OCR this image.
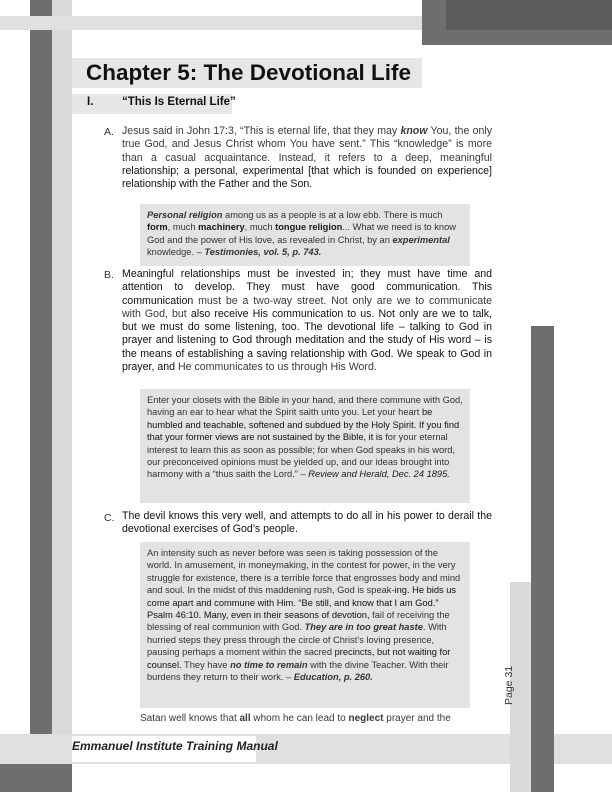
Chapter 5: The Devotional Life
I. “This Is Eternal Life”
A. Jesus said in John 17:3, “This is eternal life, that they may know You, the only true God, and Jesus Christ whom You have sent.” This “knowledge” is more than a casual acquaintance. Instead, it refers to a deep, meaningful relationship; a personal, experimental [that which is founded on experience] relationship with the Father and the Son.
Personal religion among us as a people is at a low ebb. There is much form, much machinery, much tongue religion... What we need is to know God and the power of His love, as revealed in Christ, by an experimental knowledge. – Testimonies, vol. 5, p. 743.
B. Meaningful relationships must be invested in; they must have time and attention to develop. They must have good communication. This communication must be a two-way street. Not only are we to communicate with God, but also receive His communication to us. Not only are we to talk, but we must do some listening, too. The devotional life – talking to God in prayer and listening to God through meditation and the study of His word – is the means of establishing a saving relationship with God. We speak to God in prayer, and He communicates to us through His Word.
Enter your closets with the Bible in your hand, and there commune with God, having an ear to hear what the Spirit saith unto you. Let your heart be humbled and teachable, softened and subdued by the Holy Spirit. If you find that your former views are not sustained by the Bible, it is for your eternal interest to learn this as soon as possible; for when God speaks in his word, our preconceived opinions must be yielded up, and our ideas brought into harmony with a “thus saith the Lord.” – Review and Herald, Dec. 24 1895.
C. The devil knows this very well, and attempts to do all in his power to derail the devotional exercises of God’s people.
An intensity such as never before was seen is taking possession of the world. In amusement, in moneymaking, in the contest for power, in the very struggle for existence, there is a terrible force that engrosses body and mind and soul. In the midst of this maddening rush, God is speak-ing. He bids us come apart and commune with Him. “Be still, and know that I am God.” Psalm 46:10. Many, even in their seasons of devotion, fail of receiving the blessing of real communion with God. They are in too great haste. With hurried steps they press through the circle of Christ’s loving presence, pausing perhaps a moment within the sacred precincts, but not waiting for counsel. They have no time to remain with the divine Teacher. With their burdens they return to their work. – Education, p. 260.
Satan well knows that all whom he can lead to neglect prayer and the
Emmanuel Institute Training Manual
Page 31
